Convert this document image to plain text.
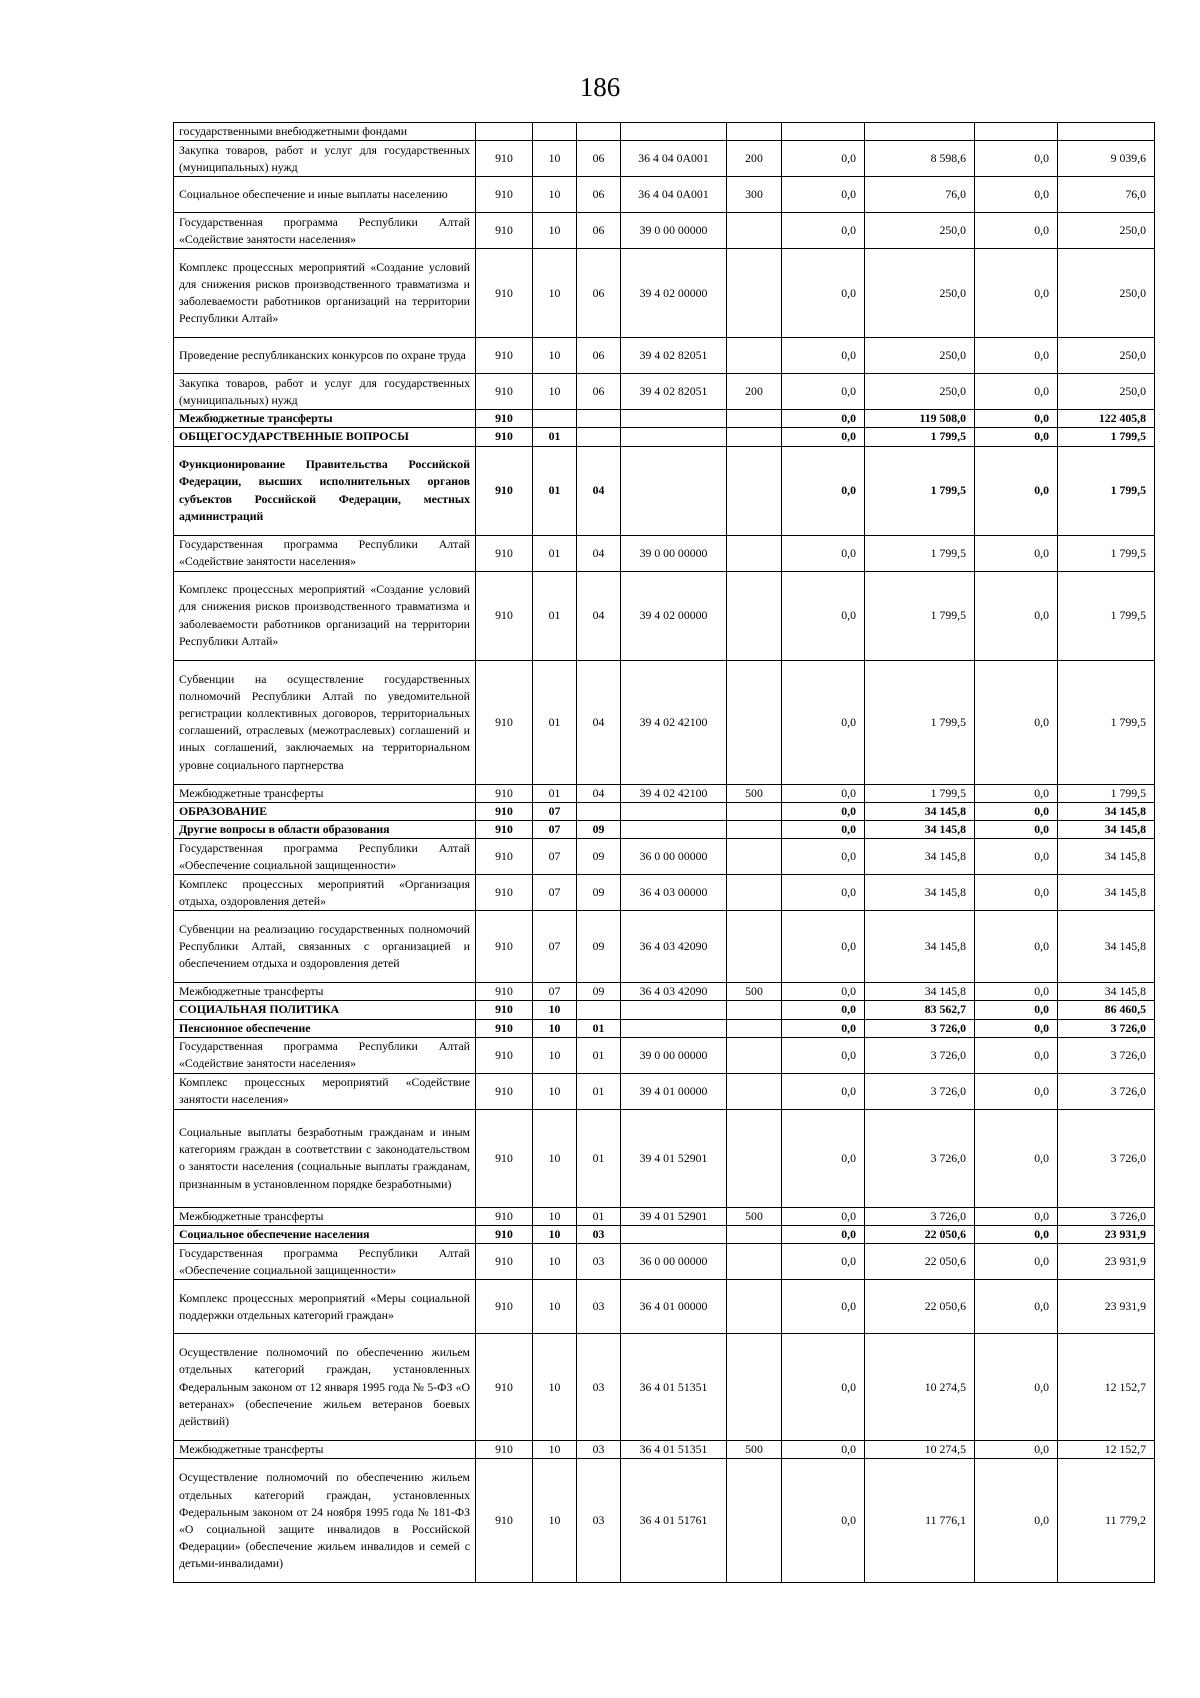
186
государственными внебюджетными фондами									
Закупка товаров, работ и услуг для государственных (муниципальных) нужд	910	10	06	36 4 04 0А001	200	0,0	8 598,6	0,0	9 039,6
Социальное обеспечение и иные выплаты населению	910	10	06	36 4 04 0А001	300	0,0	76,0	0,0	76,0
Государственная программа Республики Алтай «Содействие занятости населения»	910	10	06	39 0 00 00000		0,0	250,0	0,0	250,0
Комплекс процессных мероприятий «Создание условий для снижения рисков производственного травматизма и заболеваемости работников организаций на территории Республики Алтай»	910	10	06	39 4 02 00000		0,0	250,0	0,0	250,0
Проведение республиканских конкурсов по охране труда	910	10	06	39 4 02 82051		0,0	250,0	0,0	250,0
Закупка товаров, работ и услуг для государственных (муниципальных) нужд	910	10	06	39 4 02 82051	200	0,0	250,0	0,0	250,0
Межбюджетные трансферты	910					0,0	119 508,0	0,0	122 405,8
ОБЩЕГОСУДАРСТВЕННЫЕ ВОПРОСЫ	910	01				0,0	1 799,5	0,0	1 799,5
Функционирование Правительства Российской Федерации, высших исполнительных органов субъектов Российской Федерации, местных администраций	910	01	04			0,0	1 799,5	0,0	1 799,5
Государственная программа Республики Алтай «Содействие занятости населения»	910	01	04	39 0 00 00000		0,0	1 799,5	0,0	1 799,5
Комплекс процессных мероприятий «Создание условий для снижения рисков производственного травматизма и заболеваемости работников организаций на территории Республики Алтай»	910	01	04	39 4 02 00000		0,0	1 799,5	0,0	1 799,5
Субвенции на осуществление государственных полномочий Республики Алтай по уведомительной регистрации коллективных договоров, территориальных соглашений, отраслевых (межотраслевых) соглашений и иных соглашений, заключаемых на территориальном уровне социального партнерства	910	01	04	39 4 02 42100		0,0	1 799,5	0,0	1 799,5
Межбюджетные трансферты	910	01	04	39 4 02 42100	500	0,0	1 799,5	0,0	1 799,5
ОБРАЗОВАНИЕ	910	07				0,0	34 145,8	0,0	34 145,8
Другие вопросы в области образования	910	07	09			0,0	34 145,8	0,0	34 145,8
Государственная программа Республики Алтай «Обеспечение социальной защищенности»	910	07	09	36 0 00 00000		0,0	34 145,8	0,0	34 145,8
Комплекс процессных мероприятий «Организация отдыха, оздоровления детей»	910	07	09	36 4 03 00000		0,0	34 145,8	0,0	34 145,8
Субвенции на реализацию государственных полномочий Республики Алтай, связанных с организацией и обеспечением отдыха и оздоровления детей	910	07	09	36 4 03 42090		0,0	34 145,8	0,0	34 145,8
Межбюджетные трансферты	910	07	09	36 4 03 42090	500	0,0	34 145,8	0,0	34 145,8
СОЦИАЛЬНАЯ ПОЛИТИКА	910	10				0,0	83 562,7	0,0	86 460,5
Пенсионное обеспечение	910	10	01			0,0	3 726,0	0,0	3 726,0
Государственная программа Республики Алтай «Содействие занятости населения»	910	10	01	39 0 00 00000		0,0	3 726,0	0,0	3 726,0
Комплекс процессных мероприятий «Содействие занятости населения»	910	10	01	39 4 01 00000		0,0	3 726,0	0,0	3 726,0
Социальные выплаты безработным гражданам и иным категориям граждан в соответствии с законодательством о занятости населения (социальные выплаты гражданам, признанным в установленном порядке безработными)	910	10	01	39 4 01 52901		0,0	3 726,0	0,0	3 726,0
Межбюджетные трансферты	910	10	01	39 4 01 52901	500	0,0	3 726,0	0,0	3 726,0
Социальное обеспечение населения	910	10	03			0,0	22 050,6	0,0	23 931,9
Государственная программа Республики Алтай «Обеспечение социальной защищенности»	910	10	03	36 0 00 00000		0,0	22 050,6	0,0	23 931,9
Комплекс процессных мероприятий «Меры социальной поддержки отдельных категорий граждан»	910	10	03	36 4 01 00000		0,0	22 050,6	0,0	23 931,9
Осуществление полномочий по обеспечению жильем отдельных категорий граждан, установленных Федеральным законом от 12 января 1995 года № 5-ФЗ «О ветеранах» (обеспечение жильем ветеранов боевых действий)	910	10	03	36 4 01 51351		0,0	10 274,5	0,0	12 152,7
Межбюджетные трансферты	910	10	03	36 4 01 51351	500	0,0	10 274,5	0,0	12 152,7
Осуществление полномочий по обеспечению жильем отдельных категорий граждан, установленных Федеральным законом от 24 ноября 1995 года № 181-ФЗ «О социальной защите инвалидов в Российской Федерации» (обеспечение жильем инвалидов и семей с детьми-инвалидами)	910	10	03	36 4 01 51761		0,0	11 776,1	0,0	11 779,2
